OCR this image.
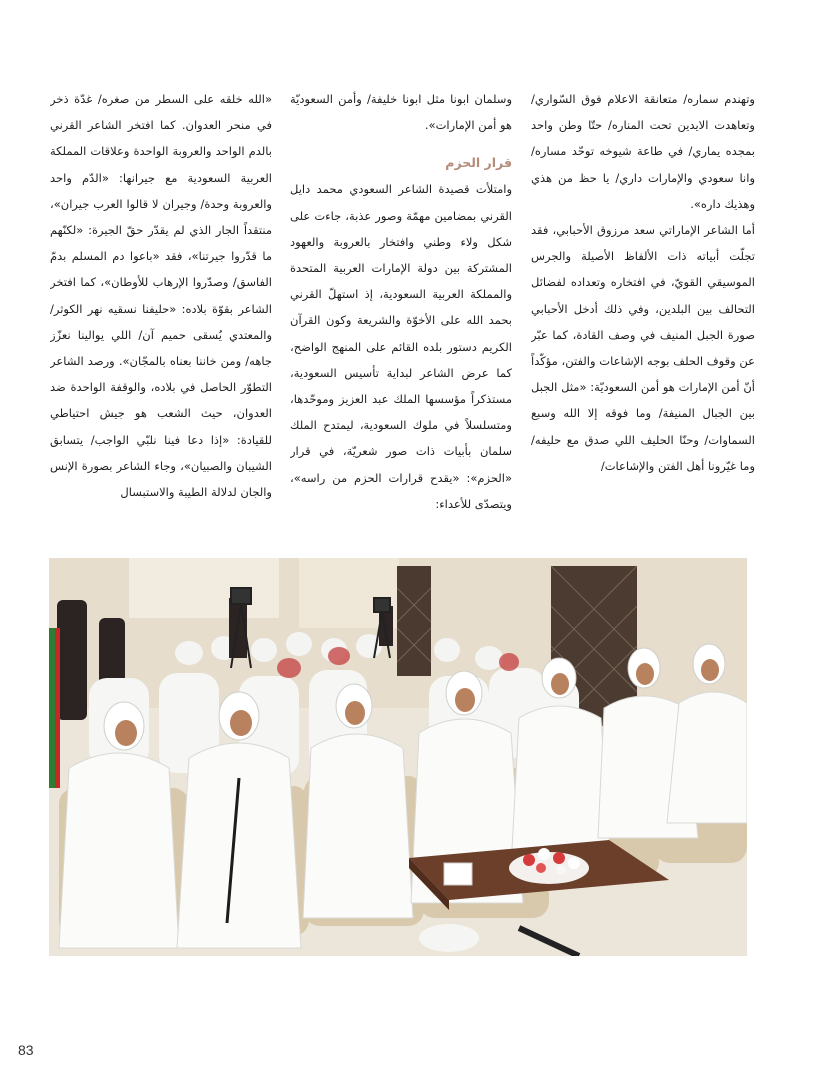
وتهندم سماره/ متعانقة الاعلام فوق السّواري/ وتعاهدت الايدين تحت المناره/ حتّا وطن واحد بمجده يماري/ في طاعة شيوخه توحّد مساره/ وانا سعودي والإمارات داري/ يا حظ من هذي وهذيك داره».

أما الشاعر الإماراتي سعد مرزوق الأحبابي، فقد تجلّت أبياته ذات الألفاظ الأصيلة والجرس الموسيقي القويّ، في افتخاره وتعداده لفضائل التحالف بين البلدين، وفي ذلك أدخل الأحبابي صورة الجبل المنيف في وصف القادة، كما عبّر عن وقوف الحلف بوجه الإشاعات والفتن، مؤكّداً أنّ أمن الإمارات هو أمن السعوديّة: «مثل الجبل بين الجبال المنيفة/ وما فوقه إلا الله وسبع السماوات/ وحنّا الحليف اللي صدق مع حليفه/ وما غيّرونا أهل الفتن والإشاعات/

وسلمان ابونا مثل ابونا خليفة/ وأمن السعوديّة هو أمن الإمارات».

قرار الحزم

وامتلأت قصيدة الشاعر السعودي محمد دايل القرني بمضامين مهمّة وصور عذبة، جاءت على شكل ولاء وطني وافتخار بالعروبة والعهود المشتركة بين دولة الإمارات العربية المتحدة والمملكة العربية السعودية، إذ استهلّ القرني بحمد الله على الأخوّة والشريعة وكون القرآن الكريم دستور بلده القائم على المنهج الواضح، كما عرض الشاعر لبداية تأسيس السعودية، مستذكراً مؤسسها الملك عبد العزيز وموحّدها، ومتسلسلاً في ملوك السعودية، ليمتدح الملك سلمان بأبيات ذات صور شعريّة، في قرار «الحزم»: «يقدح قرارات الحزم من راسه»، ويتصدّى للأعداء:

«الله خلقه على السطر من صغره/ غدّة ذخر في منحر العدوان. كما افتخر الشاعر القرني بالدم الواحد والعروبة الواحدة وعلاقات المملكة العربية السعودية مع جيرانها: «الدّم واحد والعروبة وحدة/ وجيران لا قالوا العرب جيران»، منتقداً الجار الذي لم يقدّر حقّ الجيرة: «لكنّهم ما قدّروا جيرتنا»، فقد «باعوا دم المسلم بدمّ الفاسق/ وصدّروا الإرهاب للأوطان»، كما افتخر الشاعر بقوّة بلاده: «حليفنا نسقيه نهر الكوثر/ والمعتدي يُسقى حميم آن/ اللي يوالينا نعزّز جاهه/ ومن خاننا بعناه بالمجّان». ورصد الشاعر التطوّر الحاصل في بلاده، والوقفة الواحدة ضد العدوان، حيث الشعب هو جيش احتياطي للقيادة: «إذا دعا فينا نلبّي الواجب/ يتسابق الشيبان والصبيان»، وجاء الشاعر بصورة الإنس والجان لدلالة الطيبة والاستبسال

83
